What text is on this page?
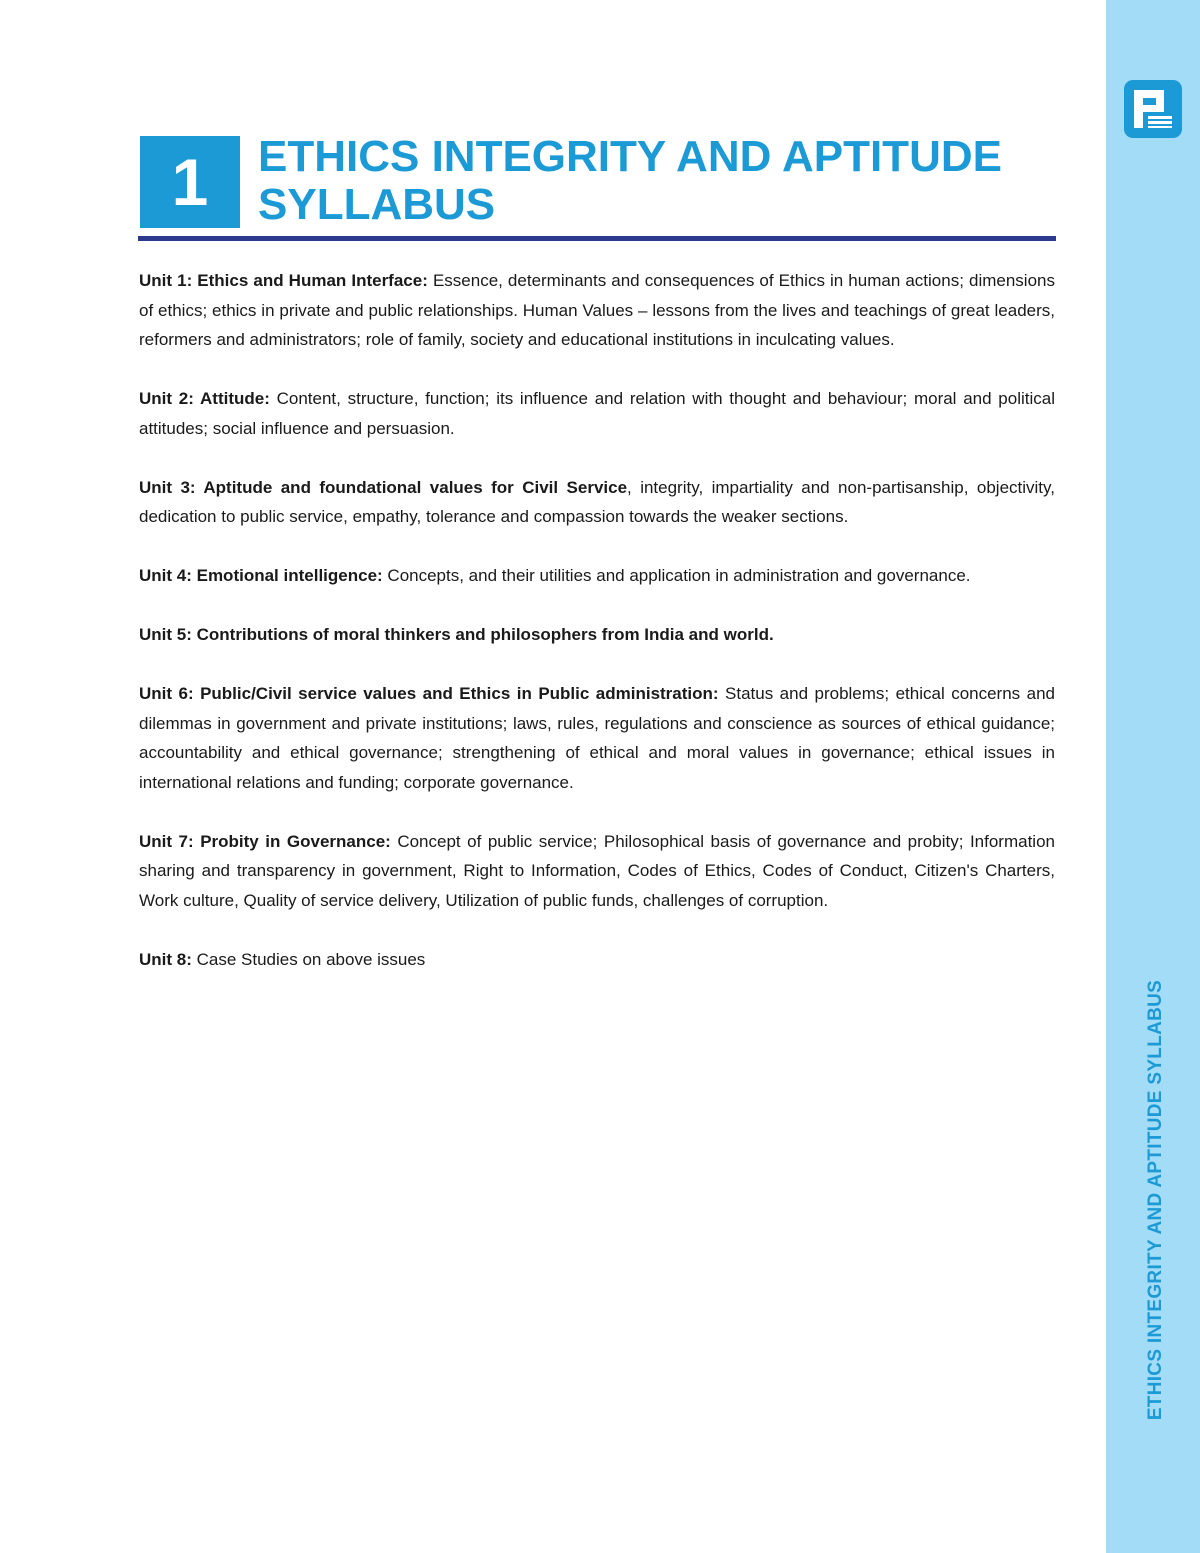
ETHICS INTEGRITY AND APTITUDE SYLLABUS
1	ETHICS INTEGRITY AND APTITUDE SYLLABUS

Unit 1: Ethics and Human Interface: Essence, determinants and consequences of Ethics in human actions; dimensions of ethics; ethics in private and public relationships. Human Values – lessons from the lives and teachings of great leaders, reformers and administrators; role of family, society and educational institutions in inculcating values.

Unit 2: Attitude: Content, structure, function; its influence and relation with thought and behaviour; moral and political attitudes; social influence and persuasion.

Unit 3: Aptitude and foundational values for Civil Service, integrity, impartiality and non-partisanship, objectivity, dedication to public service, empathy, tolerance and compassion towards the weaker sections.

Unit 4: Emotional intelligence: Concepts, and their utilities and application in administration and governance.

Unit 5: Contributions of moral thinkers and philosophers from India and world.

Unit 6: Public/Civil service values and Ethics in Public administration: Status and problems; ethical concerns and dilemmas in government and private institutions; laws, rules, regulations and conscience as sources of ethical guidance; accountability and ethical governance; strengthening of ethical and moral values in governance; ethical issues in international relations and funding; corporate governance.

Unit 7: Probity in Governance: Concept of public service; Philosophical basis of governance and probity; Information sharing and transparency in government, Right to Information, Codes of Ethics, Codes of Conduct, Citizen's Charters, Work culture, Quality of service delivery, Utilization of public funds, challenges of corruption.

Unit 8: Case Studies on above issues
